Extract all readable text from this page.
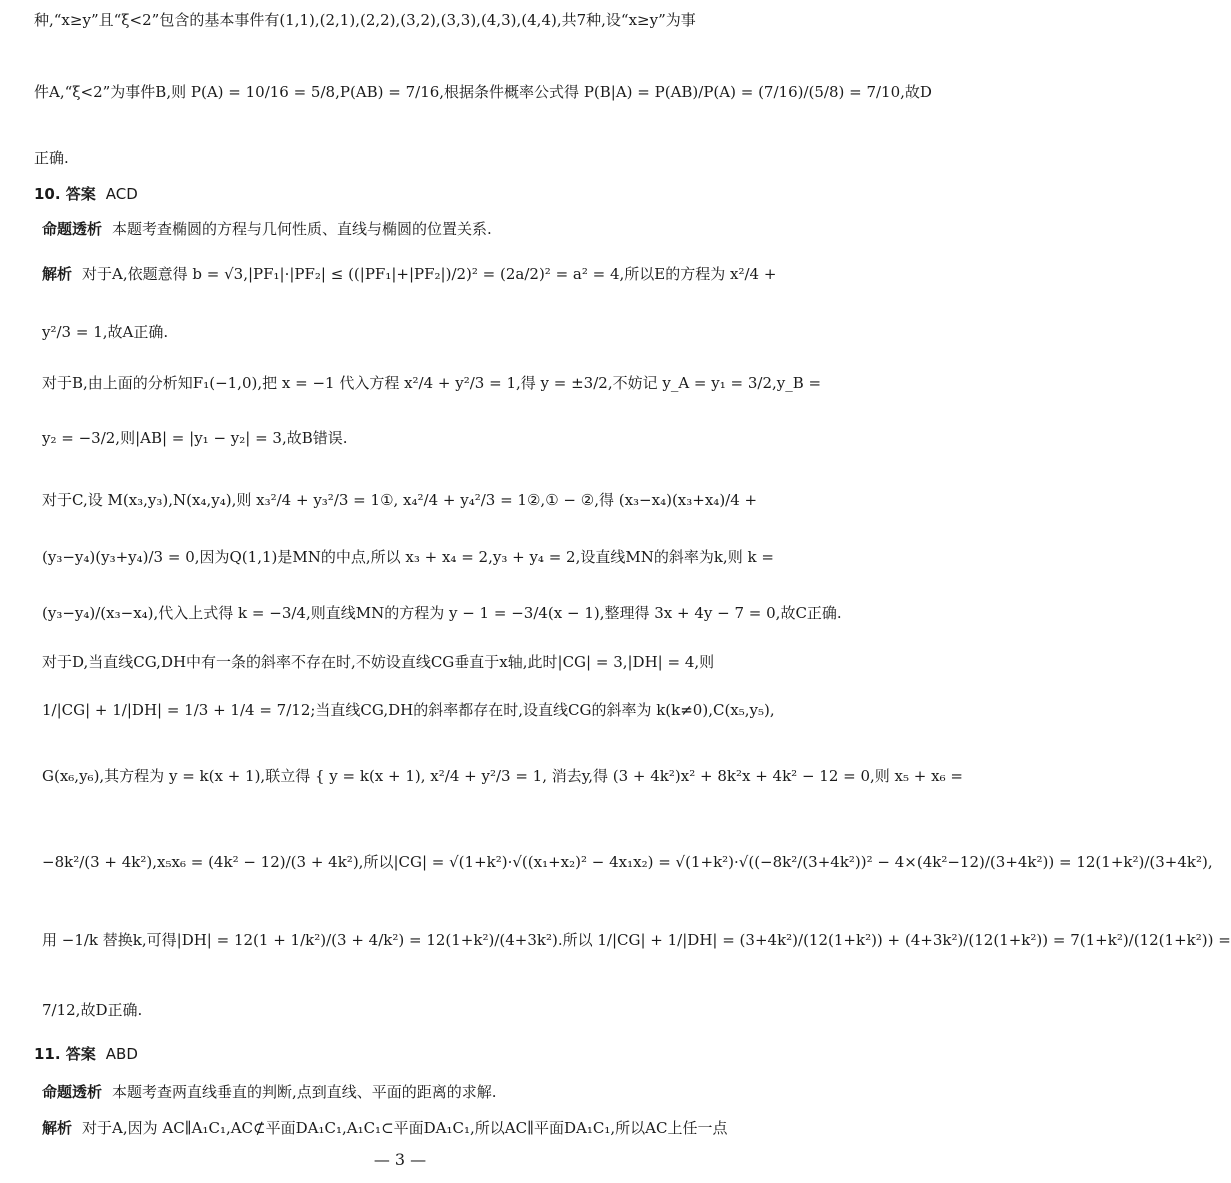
种,“x≥y”且“ξ<2”包含的基本事件有(1,1),(2,1),(2,2),(3,2),(3,3),(4,3),(4,4),共7种,设“x≥y”为事
件A,“ξ<2”为事件B,则 P(A) = 10/16 = 5/8,P(AB) = 7/16,根据条件概率公式得 P(B|A) = P(AB)/P(A) = (7/16)/(5/8) = 7/10,故D
正确.
10. 答案 ACD
命题透析 本题考查椭圆的方程与几何性质、直线与椭圆的位置关系.
解析 对于A,依题意得 b = √3,|PF₁|·|PF₂| ≤ ((|PF₁|+|PF₂|)/2)² = (2a/2)² = a² = 4,所以E的方程为 x²/4 +
y²/3 = 1,故A正确.
对于B,由上面的分析知F₁(−1,0),把 x = −1 代入方程 x²/4 + y²/3 = 1,得 y = ±3/2,不妨记 y_A = y₁ = 3/2,y_B =
y₂ = −3/2,则|AB| = |y₁ − y₂| = 3,故B错误.
对于C,设 M(x₃,y₃),N(x₄,y₄),则 x₃²/4 + y₃²/3 = 1①, x₄²/4 + y₄²/3 = 1②,① − ②,得 (x₃−x₄)(x₃+x₄)/4 +
(y₃−y₄)(y₃+y₄)/3 = 0,因为Q(1,1)是MN的中点,所以 x₃ + x₄ = 2,y₃ + y₄ = 2,设直线MN的斜率为k,则 k =
(y₃−y₄)/(x₃−x₄),代入上式得 k = −3/4,则直线MN的方程为 y − 1 = −3/4(x − 1),整理得 3x + 4y − 7 = 0,故C正确.
对于D,当直线CG,DH中有一条的斜率不存在时,不妨设直线CG垂直于x轴,此时|CG| = 3,|DH| = 4,则
1/|CG| + 1/|DH| = 1/3 + 1/4 = 7/12;当直线CG,DH的斜率都存在时,设直线CG的斜率为 k(k≠0),C(x₅,y₅),
G(x₆,y₆),其方程为 y = k(x + 1),联立得 { y = k(x + 1), x²/4 + y²/3 = 1, 消去y,得 (3 + 4k²)x² + 8k²x + 4k² − 12 = 0,则 x₅ + x₆ =
−8k²/(3 + 4k²),x₅x₆ = (4k² − 12)/(3 + 4k²),所以|CG| = √(1+k²)·√((x₁+x₂)² − 4x₁x₂) = √(1+k²)·√((−8k²/(3+4k²))² − 4×(4k²−12)/(3+4k²)) = 12(1+k²)/(3+4k²),
用 −1/k 替换k,可得|DH| = 12(1 + 1/k²)/(3 + 4/k²) = 12(1+k²)/(4+3k²).所以 1/|CG| + 1/|DH| = (3+4k²)/(12(1+k²)) + (4+3k²)/(12(1+k²)) = 7(1+k²)/(12(1+k²)) =
7/12,故D正确.
11. 答案 ABD
命题透析 本题考查两直线垂直的判断,点到直线、平面的距离的求解.
解析 对于A,因为 AC∥A₁C₁,AC⊄平面DA₁C₁,A₁C₁⊂平面DA₁C₁,所以AC∥平面DA₁C₁,所以AC上任一点
— 3 —
